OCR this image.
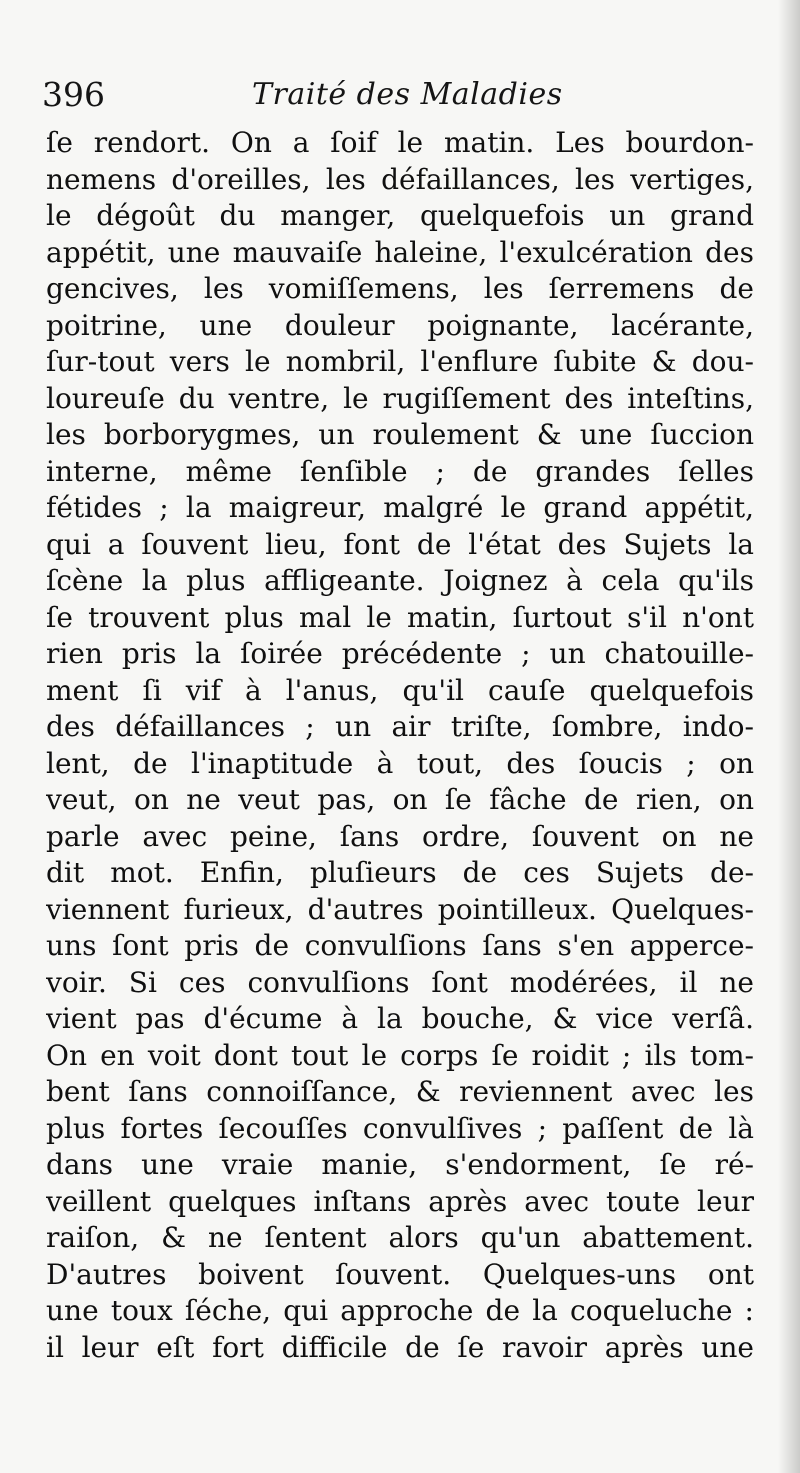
396	Traité des Maladies
ſe rendort. On a ſoif le matin. Les bourdon-
nemens d'oreilles, les défaillances, les vertiges,
le dégoût du manger, quelquefois un grand
appétit, une mauvaiſe haleine, l'exulcération des
gencives, les vomiſſemens, les ſerremens de
poitrine, une douleur poignante, lacérante,
ſur-tout vers le nombril, l'enflure ſubite & dou-
loureuſe du ventre, le rugiſſement des inteſtins,
les borborygmes, un roulement & une ſuccion
interne, même ſenſible ; de grandes ſelles
fétides ; la maigreur, malgré le grand appétit,
qui a ſouvent lieu, font de l'état des Sujets la
ſcène la plus affligeante. Joignez à cela qu'ils
ſe trouvent plus mal le matin, ſurtout s'il n'ont
rien pris la ſoirée précédente ; un chatouille-
ment ſi vif à l'anus, qu'il cauſe quelquefois
des défaillances ; un air triſte, ſombre, indo-
lent, de l'inaptitude à tout, des ſoucis ; on
veut, on ne veut pas, on ſe fâche de rien, on
parle avec peine, ſans ordre, ſouvent on ne
dit mot. Enfin, pluſieurs de ces Sujets de-
viennent furieux, d'autres pointilleux. Quelques-
uns ſont pris de convulſions ſans s'en apperce-
voir. Si ces convulſions ſont modérées, il ne
vient pas d'écume à la bouche, & vice verſâ.
On en voit dont tout le corps ſe roidit ; ils tom-
bent ſans connoiſſance, & reviennent avec les
plus fortes ſecouſſes convulſives ; paſſent de là
dans une vraie manie, s'endorment, ſe ré-
veillent quelques inſtans après avec toute leur
raiſon, & ne ſentent alors qu'un abattement.
D'autres boivent ſouvent. Quelques-uns ont
une toux ſéche, qui approche de la coqueluche :
il leur eſt fort difficile de ſe ravoir après une
